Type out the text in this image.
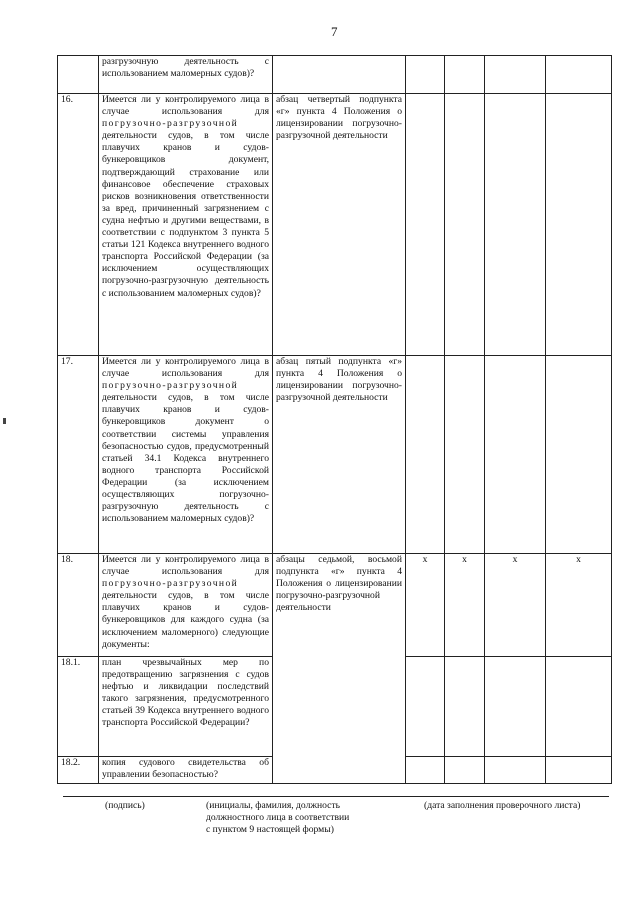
7
	разгрузочную деятельность с использованием маломерных судов)?					
16.	Имеется ли у контролируемого лица в случае использования для погрузочно-разгрузочной деятельности судов, в том числе плавучих кранов и судов-бункеровщиков документ, подтверждающий страхование или финансовое обеспечение страховых рисков возникновения ответственности за вред, причиненный загрязнением с судна нефтью и другими веществами, в соответствии с подпунктом 3 пункта 5 статьи 121 Кодекса внутреннего водного транспорта Российской Федерации (за исключением осуществляющих погрузочно-разгрузочную деятельность с использованием маломерных судов)?	абзац четвертый подпункта «г» пункта 4 Положения о лицензировании погрузочно-разгрузочной деятельности				
17.	Имеется ли у контролируемого лица в случае использования для погрузочно-разгрузочной деятельности судов, в том числе плавучих кранов и судов-бункеровщиков документ о соответствии системы управления безопасностью судов, предусмотренный статьей 34.1 Кодекса внутреннего водного транспорта Российской Федерации (за исключением осуществляющих погрузочно-разгрузочную деятельность с использованием маломерных судов)?	абзац пятый подпункта «г» пункта 4 Положения о лицензировании погрузочно-разгрузочной деятельности				
18.	Имеется ли у контролируемого лица в случае использования для погрузочно-разгрузочной деятельности судов, в том числе плавучих кранов и судов-бункеровщиков для каждого судна (за исключением маломерного) следующие документы:	абзацы седьмой, восьмой подпункта «г» пункта 4 Положения о лицензировании погрузочно-разгрузочной деятельности	x	x	x	x
18.1.	план чрезвычайных мер по предотвращению загрязнения с судов нефтью и ликвидации последствий такого загрязнения, предусмотренного статьей 39 Кодекса внутреннего водного транспорта Российской Федерации?					
18.2.	копия судового свидетельства об управлении безопасностью?					
(подпись)	(инициалы, фамилия, должность
должностного лица в соответствии
с пунктом 9 настоящей формы)
(дата заполнения проверочного листа)
